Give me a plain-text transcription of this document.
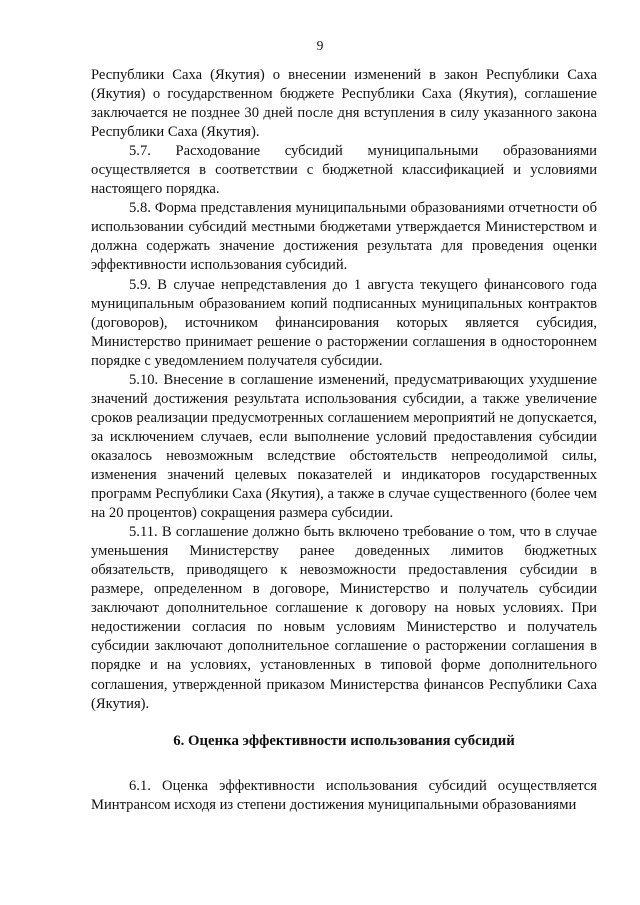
9

Республики Саха (Якутия) о внесении изменений в закон Республики Саха (Якутия) о государственном бюджете Республики Саха (Якутия), соглашение заключается не позднее 30 дней после дня вступления в силу указанного закона Республики Саха (Якутия).

5.7. Расходование субсидий муниципальными образованиями осуществляется в соответствии с бюджетной классификацией и условиями настоящего порядка.

5.8. Форма представления муниципальными образованиями отчетности об использовании субсидий местными бюджетами утверждается Министерством и должна содержать значение достижения результата для проведения оценки эффективности использования субсидий.

5.9. В случае непредставления до 1 августа текущего финансового года муниципальным образованием копий подписанных муниципальных контрактов (договоров), источником финансирования которых является субсидия, Министерство принимает решение о расторжении соглашения в одностороннем порядке с уведомлением получателя субсидии.

5.10. Внесение в соглашение изменений, предусматривающих ухудшение значений достижения результата использования субсидии, а также увеличение сроков реализации предусмотренных соглашением мероприятий не допускается, за исключением случаев, если выполнение условий предоставления субсидии оказалось невозможным вследствие обстоятельств непреодолимой силы, изменения значений целевых показателей и индикаторов государственных программ Республики Саха (Якутия), а также в случае существенного (более чем на 20 процентов) сокращения размера субсидии.

5.11. В соглашение должно быть включено требование о том, что в случае уменьшения Министерству ранее доведенных лимитов бюджетных обязательств, приводящего к невозможности предоставления субсидии в размере, определенном в договоре, Министерство и получатель субсидии заключают дополнительное соглашение к договору на новых условиях. При недостижении согласия по новым условиям Министерство и получатель субсидии заключают дополнительное соглашение о расторжении соглашения в порядке и на условиях, установленных в типовой форме дополнительного соглашения, утвержденной приказом Министерства финансов Республики Саха (Якутия).

6. Оценка эффективности использования субсидий

6.1. Оценка эффективности использования субсидий осуществляется Минтрансом исходя из степени достижения муниципальными образованиями
